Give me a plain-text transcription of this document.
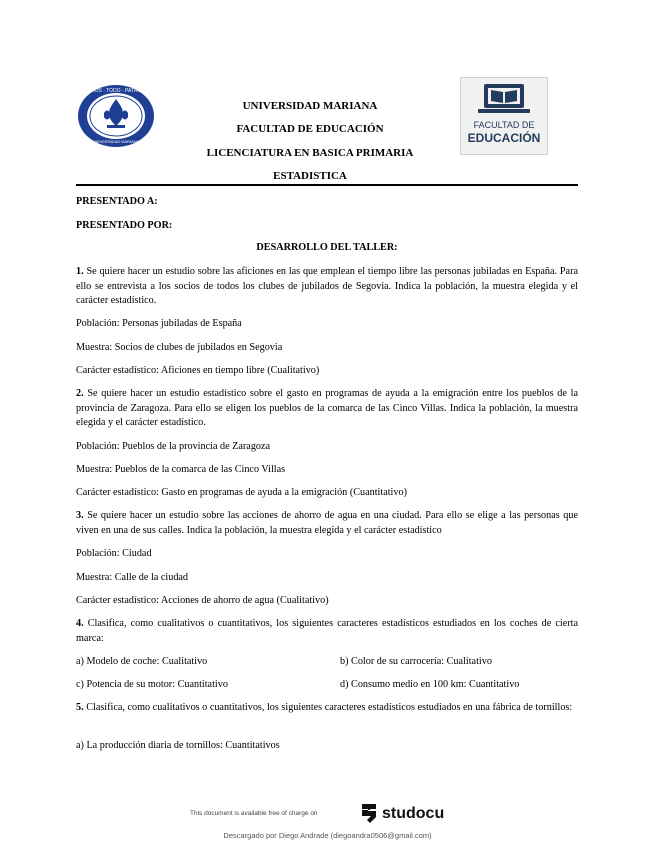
DIOS · TODO · PATRIA
UNIVERSIDAD MARIANA
UNIVERSIDAD MARIANA
FACULTAD DE EDUCACIÓN
LICENCIATURA EN BASICA PRIMARIA
ESTADISTICA
FACULTAD DE
EDUCACIÓN
PRESENTADO A:
PRESENTADO POR:
DESARROLLO DEL TALLER:
1. Se quiere hacer un estudio sobre las aficiones en las que emplean el tiempo libre las personas jubiladas en España. Para ello se entrevista a los socios de todos los clubes de jubilados de Segovia. Indica la población, la muestra elegida y el carácter estadístico.
Población: Personas jubiladas de España
Muestra: Socios de clubes de jubilados en Segovia
Carácter estadístico: Aficiones en tiempo libre (Cualitativo)
2. Se quiere hacer un estudio estadístico sobre el gasto en programas de ayuda a la emigración entre los pueblos de la provincia de Zaragoza. Para ello se eligen los pueblos de la comarca de las Cinco Villas. Indica la población, la muestra elegida y el carácter estadístico.
Población: Pueblos de la provincia de Zaragoza
Muestra: Pueblos de la comarca de las Cinco Villas
Carácter estadístico: Gasto en programas de ayuda a la emigración (Cuantitativo)
3. Se quiere hacer un estudio sobre las acciones de ahorro de agua en una ciudad. Para ello se elige a las personas que viven en una de sus calles. Indica la población, la muestra elegida y el carácter estadístico
Población: Ciudad
Muestra: Calle de la ciudad
Carácter estadístico: Acciones de ahorro de agua (Cualitativo)
4. Clasifica, como cualitativos o cuantitativos, los siguientes caracteres estadísticos estudiados en los coches de cierta marca:
a) Modelo de coche: Cualitativo	b) Color de su carrocería: Cualitativo
c) Potencia de su motor: Cuantitativo	d) Consumo medio en 100 km: Cuantitativo
5. Clasifica, como cualitativos o cuantitativos, los siguientes caracteres estadísticos estudiados en una fábrica de tornillos:
a) La producción diaria de tornillos: Cuantitativos
This document is available free of charge on	studocu
Descargado por Diego Andrade (diegoandra0506@gmail.com)
